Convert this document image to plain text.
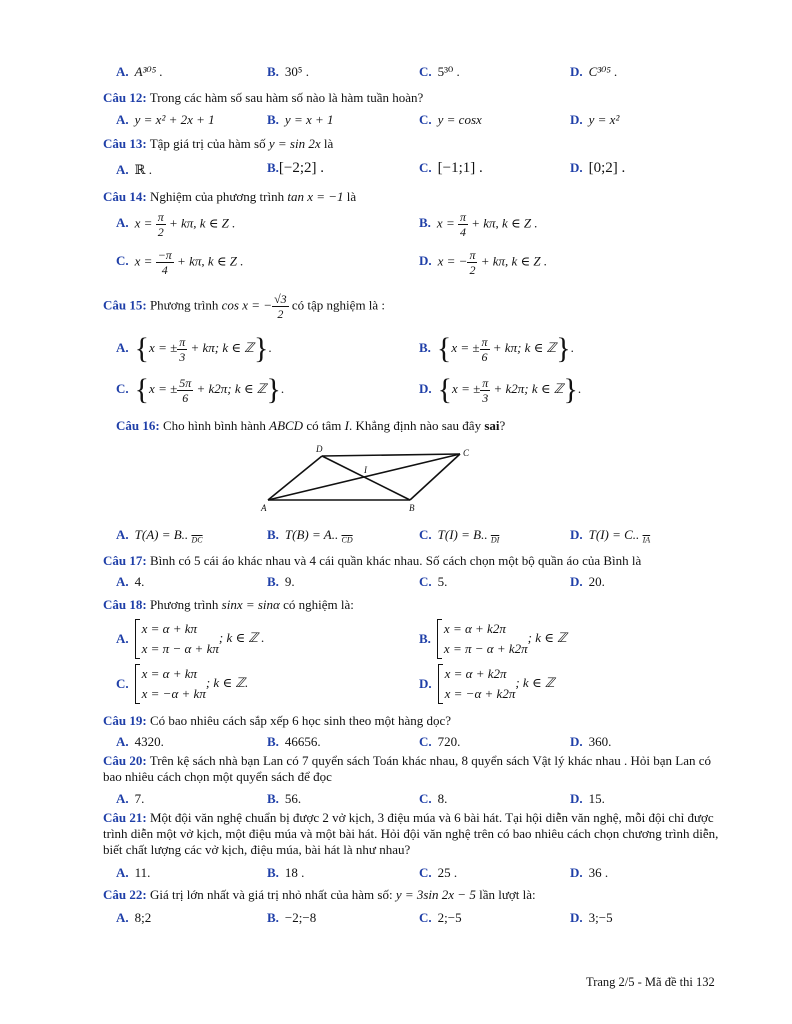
A. A³⁰⁵ .	B. 30⁵ .	C. 5³⁰ .	D. C³⁰⁵ .
Câu 12: Trong các hàm số sau hàm số nào là hàm tuần hoàn?
A. y = x² + 2x + 1	B. y = x + 1	C. y = cosx	D. y = x²
Câu 13: Tập giá trị của hàm số y = sin 2x là
A. ℝ .	B.[−2;2] .	C. [−1;1] .	D. [0;2] .
Câu 14: Nghiệm của phương trình tan x = −1 là
A. $x = \frac{\pi}{2} + k\pi$, k ∈ Z .	B. $x = \frac{\pi}{4} + k\pi$, k ∈ Z .
C. $x = \frac{-\pi}{4} + k\pi$, k ∈ Z .	D. x = − $\frac{\pi}{2} + k\pi$, k ∈ Z .
Câu 15: Phương trình cos x = − $\frac{√3}{2}$ có tập nghiệm là :
A. {x = ± $\frac{\pi}{3} + k\pi$; k ∈ ℤ}.	B. {x = ± $\frac{\pi}{6} + k\pi$; k ∈ ℤ}.
C. {x = ± $\frac{5\pi}{6} + k2\pi$; k ∈ ℤ}.	D. {x = ± $\frac{\pi}{3} + k2\pi$; k ∈ ℤ}.
Câu 16: Cho hình bình hành ABCD có tâm I. Khẳng định nào sau đây sai?
A	B
C
D
I
A. T(A) = B.. $_{\overline{DC}}$	B. T(B) = A.. $_{\overline{CD}}$	C. T(I) = B.. $_{\overline{DI}}$	D. T(I) = C.. $_{\overline{IA}}$
Câu 17: Bình có 5 cái áo khác nhau và 4 cái quần khác nhau. Số cách chọn một bộ quần áo của Bình là
A. 4.	B. 9.	C. 5.	D. 20.
Câu 18: Phương trình sinx = sinα có nghiệm là:
A.
x = α + kπ
x = π − α + kπ
; k ∈ ℤ .	B.
x = α + k2π
x = π − α + k2π
; k ∈ ℤ
C.
x = α + kπ
x = −α + kπ
; k ∈ ℤ.	D.
x = α + k2π
x = −α + k2π
; k ∈ ℤ
Câu 19: Có bao nhiêu cách sắp xếp 6 học sinh theo một hàng dọc?
A. 4320.	B. 46656.	C. 720.	D. 360.
Câu 20: Trên kệ sách nhà bạn Lan có 7 quyển sách Toán khác nhau, 8 quyển sách Vật lý khác nhau . Hỏi bạn Lan có bao nhiêu cách chọn một quyển sách để đọc
A. 7.	B. 56.	C. 8.	D. 15.
Câu 21: Một đội văn nghệ chuẩn bị được 2 vở kịch, 3 điệu múa và 6 bài hát. Tại hội diễn văn nghệ, mỗi đội chỉ được trình diễn một vở kịch, một điệu múa và một bài hát. Hỏi đội văn nghệ trên có bao nhiêu cách chọn chương trình diễn, biết chất lượng các vở kịch, điệu múa, bài hát là như nhau?
A. 11.	B. 18 .	C. 25 .	D. 36 .
Câu 22: Giá trị lớn nhất và giá trị nhỏ nhất của hàm số: y = 3sin 2x − 5 lần lượt là:
A. 8;2	B. −2;−8	C. 2;−5	D. 3;−5
Trang 2/5 - Mã đề thi 132
